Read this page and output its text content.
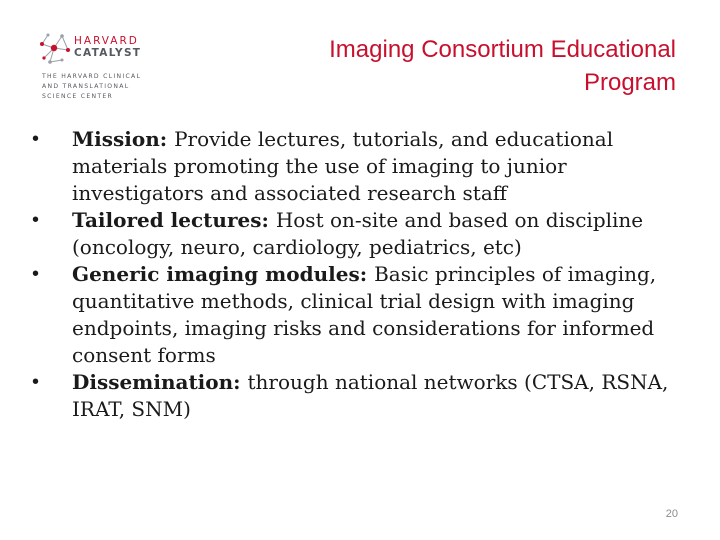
HARVARD
CATALYST
THE HARVARD CLINICAL
AND TRANSLATIONAL
SCIENCE CENTER
Imaging Consortium Educational Program
•	Mission: Provide lectures, tutorials, and educational materials promoting the use of imaging to junior investigators and associated research staff
•	Tailored lectures: Host on-site and based on discipline (oncology, neuro, cardiology, pediatrics, etc)
•	Generic imaging modules: Basic principles of imaging, quantitative methods, clinical trial design with imaging endpoints, imaging risks and considerations for informed consent forms
•	Dissemination: through national networks (CTSA, RSNA, IRAT, SNM)
20
